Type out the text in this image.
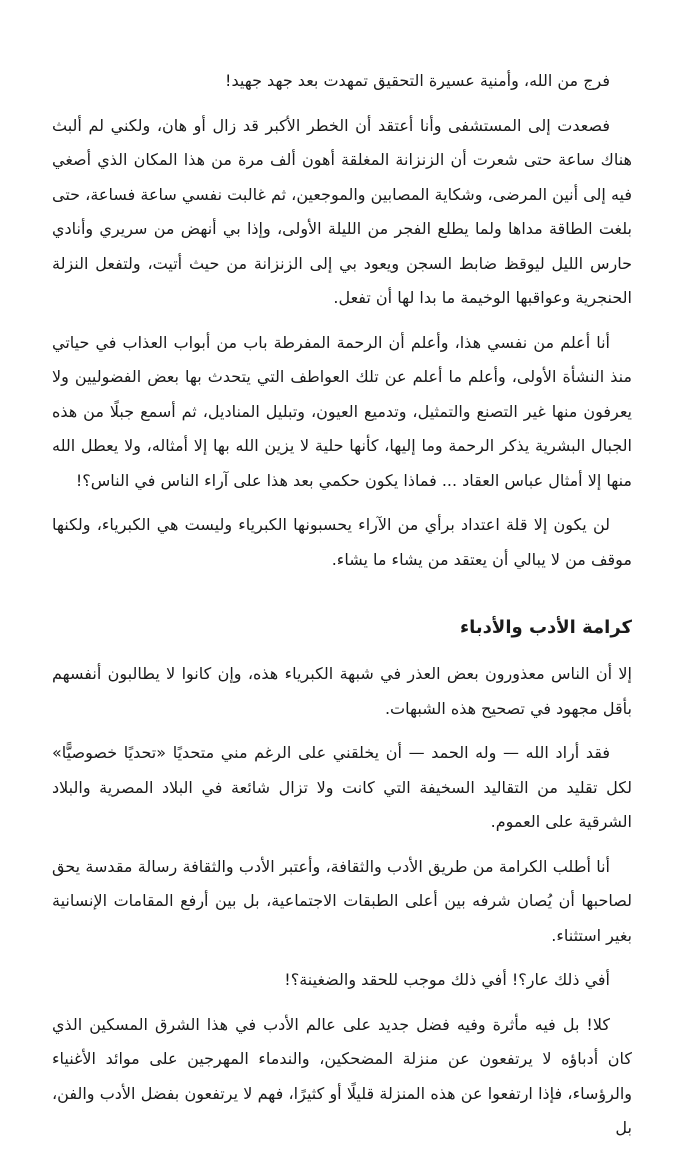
فرج من الله، وأمنية عسيرة التحقيق تمهدت بعد جهد جهيد!

فصعدت إلى المستشفى وأنا أعتقد أن الخطر الأكبر قد زال أو هان، ولكني لم ألبث هناك ساعة حتى شعرت أن الزنزانة المغلقة أهون ألف مرة من هذا المكان الذي أصغي فيه إلى أنين المرضى، وشكاية المصابين والموجعين، ثم غالبت نفسي ساعة فساعة، حتى بلغت الطاقة مداها ولما يطلع الفجر من الليلة الأولى، وإذا بي أنهض من سريري وأنادي حارس الليل ليوقظ ضابط السجن ويعود بي إلى الزنزانة من حيث أتيت، ولتفعل النزلة الحنجرية وعواقبها الوخيمة ما بدا لها أن تفعل.

أنا أعلم من نفسي هذا، وأعلم أن الرحمة المفرطة باب من أبواب العذاب في حياتي منذ النشأة الأولى، وأعلم ما أعلم عن تلك العواطف التي يتحدث بها بعض الفضوليين ولا يعرفون منها غير التصنع والتمثيل، وتدميع العيون، وتبليل المناديل، ثم أسمع جبلًا من هذه الجبال البشرية يذكر الرحمة وما إليها، كأنها حلية لا يزين الله بها إلا أمثاله، ولا يعطل الله منها إلا أمثال عباس العقاد ... فماذا يكون حكمي بعد هذا على آراء الناس في الناس؟!

لن يكون إلا قلة اعتداد برأي من الآراء يحسبونها الكبرياء وليست هي الكبرياء، ولكنها موقف من لا يبالي أن يعتقد من يشاء ما يشاء.

كرامة الأدب والأدباء

إلا أن الناس معذورون بعض العذر في شبهة الكبرياء هذه، وإن كانوا لا يطالبون أنفسهم بأقل مجهود في تصحيح هذه الشبهات.

فقد أراد الله — وله الحمد — أن يخلقني على الرغم مني متحديًا «تحديًا خصوصيًّا» لكل تقليد من التقاليد السخيفة التي كانت ولا تزال شائعة في البلاد المصرية والبلاد الشرقية على العموم.

أنا أطلب الكرامة من طريق الأدب والثقافة، وأعتبر الأدب والثقافة رسالة مقدسة يحق لصاحبها أن يُصان شرفه بين أعلى الطبقات الاجتماعية، بل بين أرفع المقامات الإنسانية بغير استثناء.

أفي ذلك عار؟! أفي ذلك موجب للحقد والضغينة؟!

كلا! بل فيه مأثرة وفيه فضل جديد على عالم الأدب في هذا الشرق المسكين الذي كان أدباؤه لا يرتفعون عن منزلة المضحكين، والندماء المهرجين على موائد الأغنياء والرؤساء، فإذا ارتفعوا عن هذه المنزلة قليلًا أو كثيرًا، فهم لا يرتفعون بفضل الأدب والفن، بل
